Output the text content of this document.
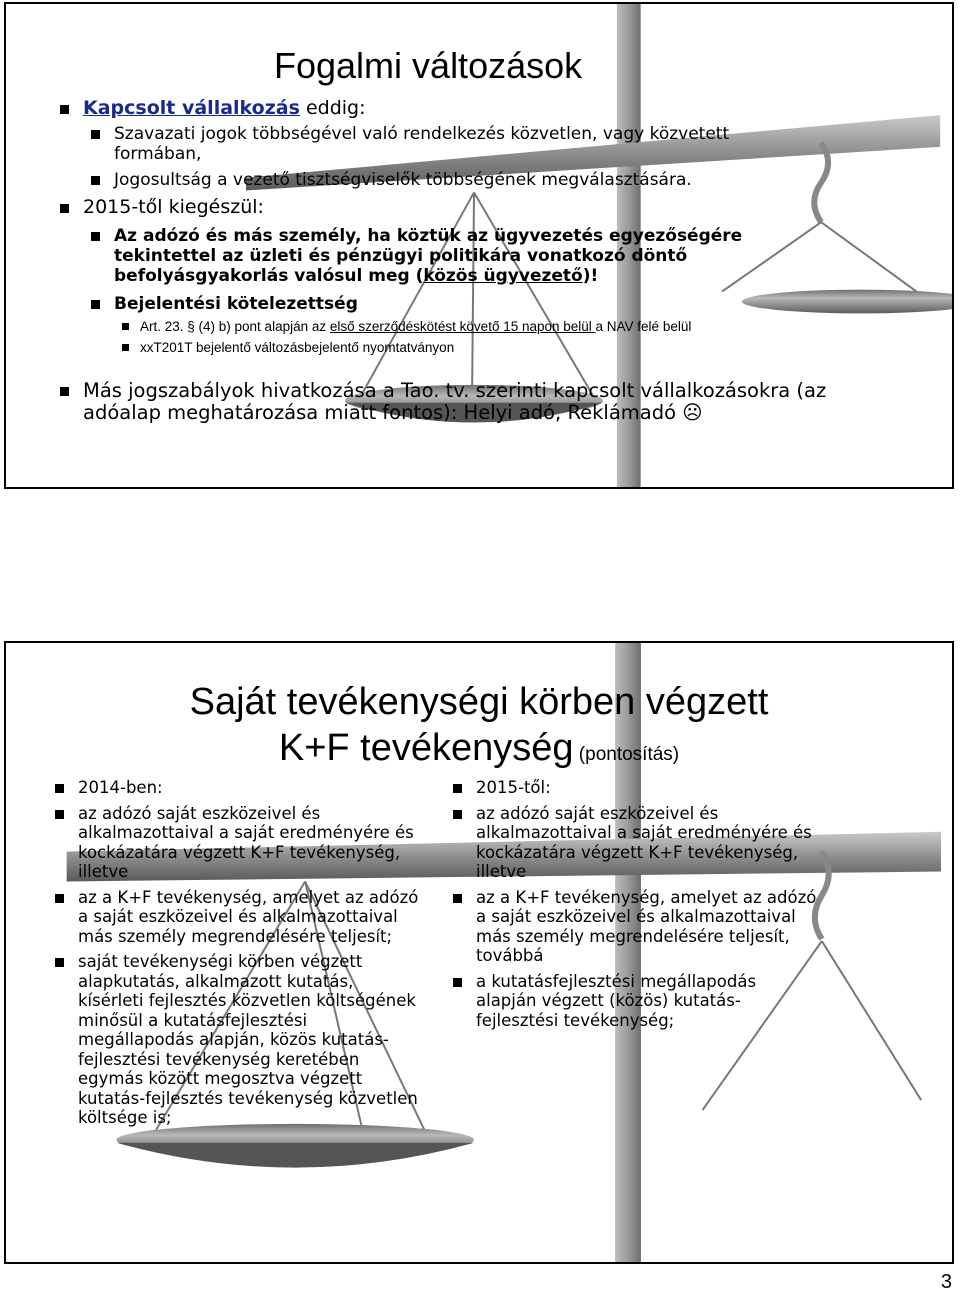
Fogalmi változások
Kapcsolt vállalkozás eddig:
Szavazati jogok többségével való rendelkezés közvetlen, vagy közvetett formában,
Jogosultság a vezető tisztségviselők többségének megválasztására.
2015-től kiegészül:
Az adózó és más személy, ha köztük az ügyvezetés egyezőségére tekintettel az üzleti és pénzügyi politikára vonatkozó döntő befolyásgyakorlás valósul meg (közös ügyvezető)!
Bejelentési kötelezettség
Art. 23. § (4) b) pont alapján az első szerződéskötést követő 15 napon belül a NAV felé belül
xxT201T bejelentő változásbejelentő nyomtatványon
Más jogszabályok hivatkozása a Tao. tv. szerinti kapcsolt vállalkozásokra (az adóalap meghatározása miatt fontos): Helyi adó, Reklámadó ☹
Saját tevékenységi körben végzett
K+F tevékenység (pontosítás)
2014-ben:
az adózó saját eszközeivel és alkalmazottaival a saját eredményére és kockázatára végzett K+F tevékenység, illetve
az a K+F tevékenység, amelyet az adózó a saját eszközeivel és alkalmazottaival más személy megrendelésére teljesít;
saját tevékenységi körben végzett alapkutatás, alkalmazott kutatás, kísérleti fejlesztés közvetlen költségének minősül a kutatásfejlesztési megállapodás alapján, közös kutatás-fejlesztési tevékenység keretében egymás között megosztva végzett kutatás-fejlesztés tevékenység közvetlen költsége is;
2015-től:
az adózó saját eszközeivel és alkalmazottaival a saját eredményére és kockázatára végzett K+F tevékenység, illetve
az a K+F tevékenység, amelyet az adózó a saját eszközeivel és alkalmazottaival más személy megrendelésére teljesít, továbbá
a kutatásfejlesztési megállapodás alapján végzett (közös) kutatás-fejlesztési tevékenység;
3
